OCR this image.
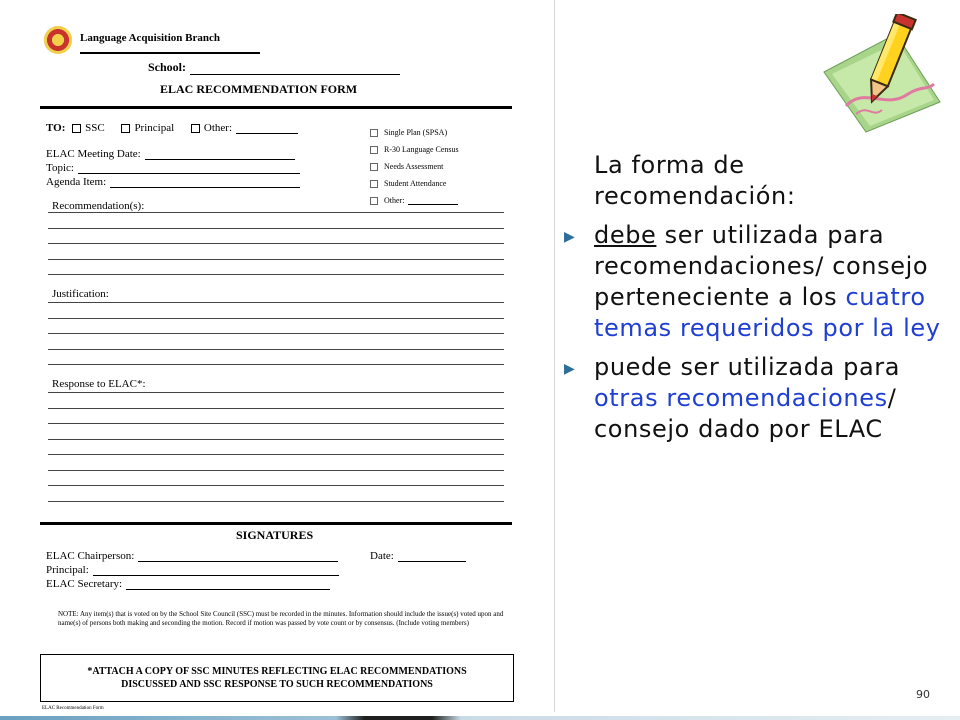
Language Acquisition Branch
School:
ELAC RECOMMENDATION FORM
TO: SSC	Principal	Other:
ELAC Meeting Date:
Topic:
Agenda Item:
Single Plan (SPSA)
R-30 Language Census
Needs Assessment
Student Attendance
Other:
Recommendation(s):
Justification:
Response to ELAC*:
SIGNATURES
ELAC Chairperson:	Date:
Principal:
ELAC Secretary:
NOTE: Any item(s) that is voted on by the School Site Council (SSC) must be recorded in the minutes. Information should include the issue(s) voted upon and name(s) of persons both making and seconding the motion. Record if motion was passed by vote count or by consensus. (Include voting members)
*ATTACH A COPY OF SSC MINUTES REFLECTING ELAC RECOMMENDATIONS
DISCUSSED AND SSC RESPONSE TO SUCH RECOMMENDATIONS
ELAC Recommendation Form

La forma de recomendación:

▶ debe ser utilizada para recomendaciones/ consejo perteneciente a los cuatro temas requeridos por la ley
▶ puede ser utilizada para otras recomendaciones/ consejo dado por ELAC
90
